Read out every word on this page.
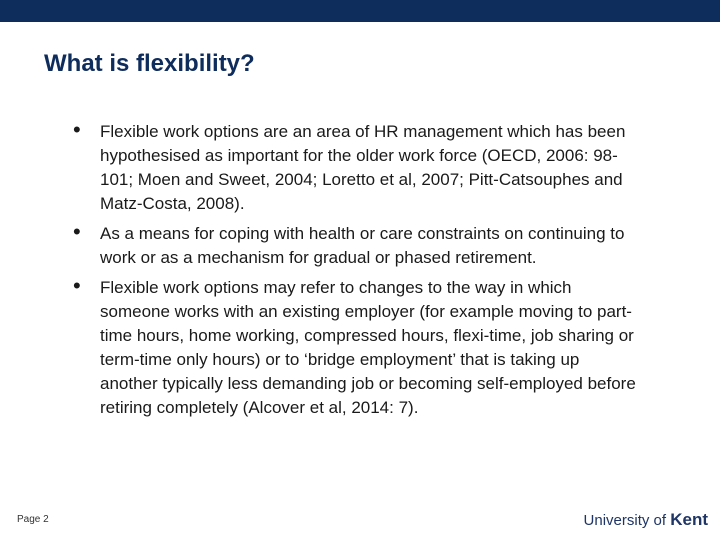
What is flexibility?
• Flexible work options are an area of HR management which has been hypothesised as important for the older work force (OECD, 2006: 98-101; Moen and Sweet, 2004; Loretto et al, 2007; Pitt-Catsouphes and Matz-Costa, 2008).
• As a means for coping with health or care constraints on continuing to work or as a mechanism for gradual or phased retirement.
• Flexible work options may refer to changes to the way in which someone works with an existing employer (for example moving to part-time hours, home working, compressed hours, flexi-time, job sharing or term-time only hours) or to ‘bridge employment’ that is taking up another typically less demanding job or becoming self-employed before retiring completely (Alcover et al, 2014: 7).
Page 2	University of Kent
